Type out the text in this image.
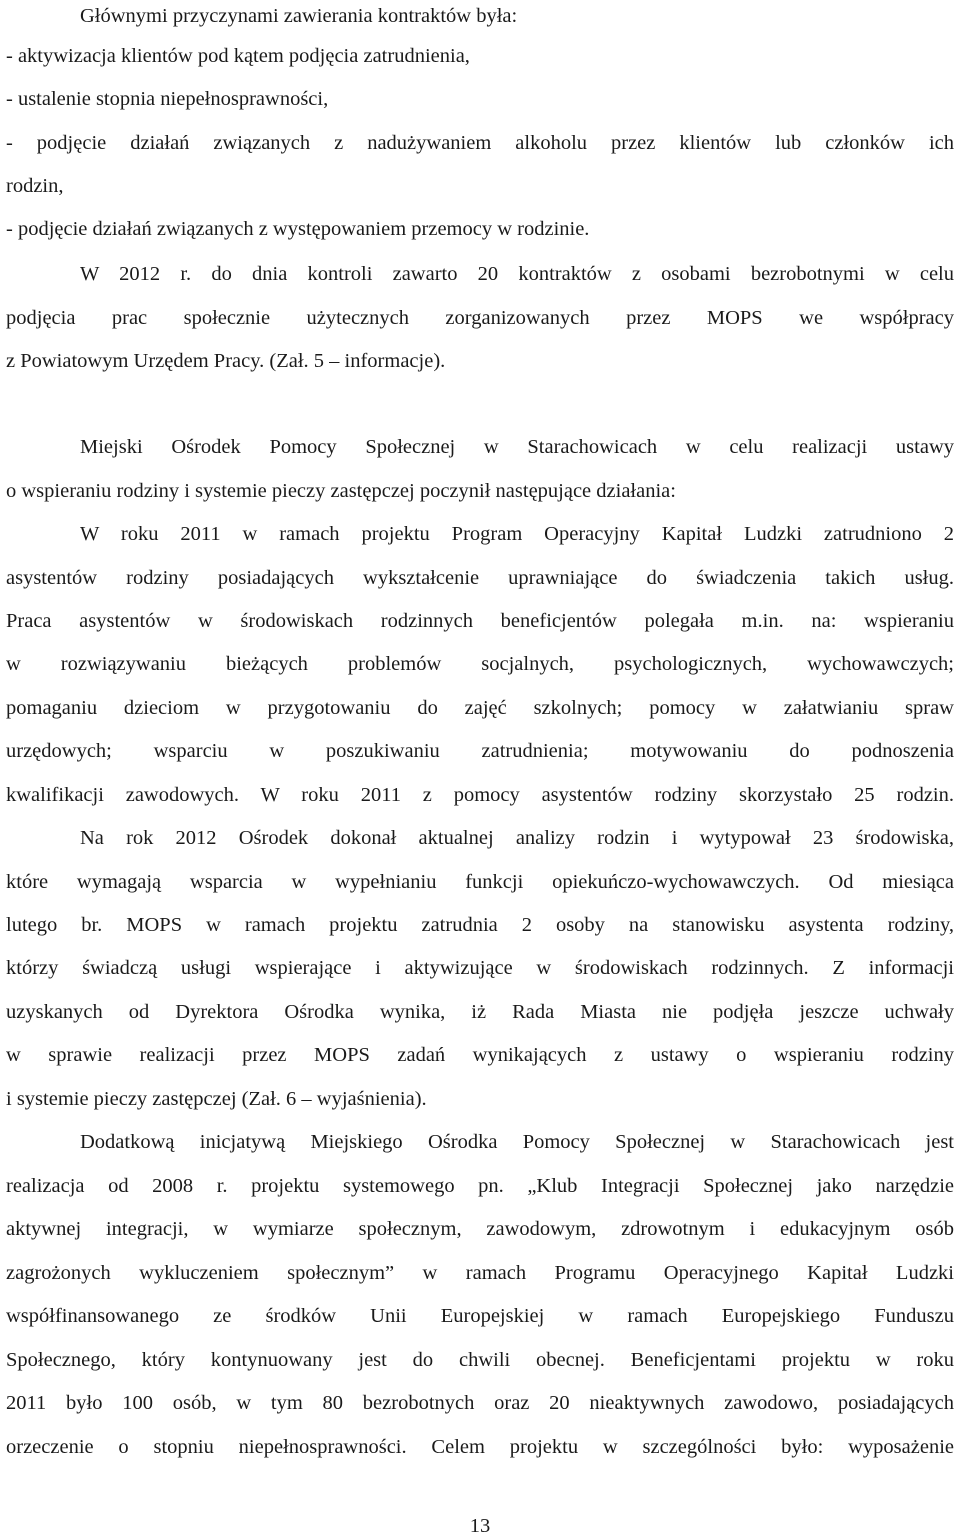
Głównymi przyczynami zawierania kontraktów była:
- aktywizacja klientów pod kątem podjęcia zatrudnienia,
- ustalenie stopnia niepełnosprawności,
- podjęcie działań związanych z nadużywaniem alkoholu przez klientów lub członków ich
rodzin,
- podjęcie działań związanych z występowaniem przemocy w rodzinie.
W 2012 r. do dnia kontroli zawarto 20 kontraktów z osobami bezrobotnymi w celu
podjęcia prac społecznie użytecznych zorganizowanych przez MOPS we współpracy
z Powiatowym Urzędem Pracy. (Zał. 5 – informacje).
Miejski Ośrodek Pomocy Społecznej w Starachowicach w celu realizacji ustawy
o wspieraniu rodziny i systemie pieczy zastępczej poczynił następujące działania:
W roku 2011 w ramach projektu Program Operacyjny Kapitał Ludzki zatrudniono 2
asystentów rodziny posiadających wykształcenie uprawniające do świadczenia takich usług.
Praca asystentów w środowiskach rodzinnych beneficjentów polegała m.in. na: wspieraniu
w rozwiązywaniu bieżących problemów socjalnych, psychologicznych, wychowawczych;
pomaganiu dzieciom w przygotowaniu do zajęć szkolnych; pomocy w załatwianiu spraw
urzędowych; wsparciu w poszukiwaniu zatrudnienia; motywowaniu do podnoszenia
kwalifikacji zawodowych. W roku 2011 z pomocy asystentów rodziny skorzystało 25 rodzin.
Na rok 2012 Ośrodek dokonał aktualnej analizy rodzin i wytypował 23 środowiska,
które wymagają wsparcia w wypełnianiu funkcji opiekuńczo-wychowawczych. Od miesiąca
lutego br. MOPS w ramach projektu zatrudnia 2 osoby na stanowisku asystenta rodziny,
którzy świadczą usługi wspierające i aktywizujące w środowiskach rodzinnych. Z informacji
uzyskanych od Dyrektora Ośrodka wynika, iż Rada Miasta nie podjęła jeszcze uchwały
w sprawie realizacji przez MOPS zadań wynikających z ustawy o wspieraniu rodziny
i systemie pieczy zastępczej (Zał. 6 – wyjaśnienia).
Dodatkową inicjatywą Miejskiego Ośrodka Pomocy Społecznej w Starachowicach jest
realizacja od 2008 r. projektu systemowego pn. „Klub Integracji Społecznej jako narzędzie
aktywnej integracji, w wymiarze społecznym, zawodowym, zdrowotnym i edukacyjnym osób
zagrożonych wykluczeniem społecznym” w ramach Programu Operacyjnego Kapitał Ludzki
współfinansowanego ze środków Unii Europejskiej w ramach Europejskiego Funduszu
Społecznego, który kontynuowany jest do chwili obecnej. Beneficjentami projektu w roku
2011 było 100 osób, w tym 80 bezrobotnych oraz 20 nieaktywnych zawodowo, posiadających
orzeczenie o stopniu niepełnosprawności. Celem projektu w szczególności było: wyposażenie
13
